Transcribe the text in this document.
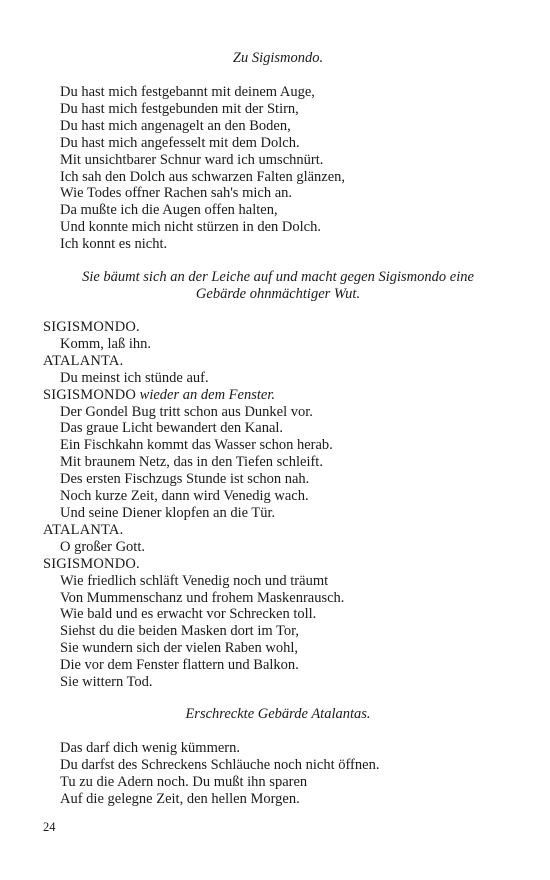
Zu Sigismondo.
Du hast mich festgebannt mit deinem Auge,
Du hast mich festgebunden mit der Stirn,
Du hast mich angenagelt an den Boden,
Du hast mich angefesselt mit dem Dolch.
Mit unsichtbarer Schnur ward ich umschnürt.
Ich sah den Dolch aus schwarzen Falten glänzen,
Wie Todes offner Rachen sah's mich an.
Da mußte ich die Augen offen halten,
Und konnte mich nicht stürzen in den Dolch.
Ich konnt es nicht.
Sie bäumt sich an der Leiche auf und macht gegen Sigismondo eine
Gebärde ohnmächtiger Wut.
SIGISMONDO.
Komm, laß ihn.
ATALANTA.
Du meinst ich stünde auf.
SIGISMONDO wieder an dem Fenster.
Der Gondel Bug tritt schon aus Dunkel vor.
Das graue Licht bewandert den Kanal.
Ein Fischkahn kommt das Wasser schon herab.
Mit braunem Netz, das in den Tiefen schleift.
Des ersten Fischzugs Stunde ist schon nah.
Noch kurze Zeit, dann wird Venedig wach.
Und seine Diener klopfen an die Tür.
ATALANTA.
O großer Gott.
SIGISMONDO.
Wie friedlich schläft Venedig noch und träumt
Von Mummenschanz und frohem Maskenrausch.
Wie bald und es erwacht vor Schrecken toll.
Siehst du die beiden Masken dort im Tor,
Sie wundern sich der vielen Raben wohl,
Die vor dem Fenster flattern und Balkon.
Sie wittern Tod.
Erschreckte Gebärde Atalantas.
Das darf dich wenig kümmern.
Du darfst des Schreckens Schläuche noch nicht öffnen.
Tu zu die Adern noch. Du mußt ihn sparen
Auf die gelegne Zeit, den hellen Morgen.
24
